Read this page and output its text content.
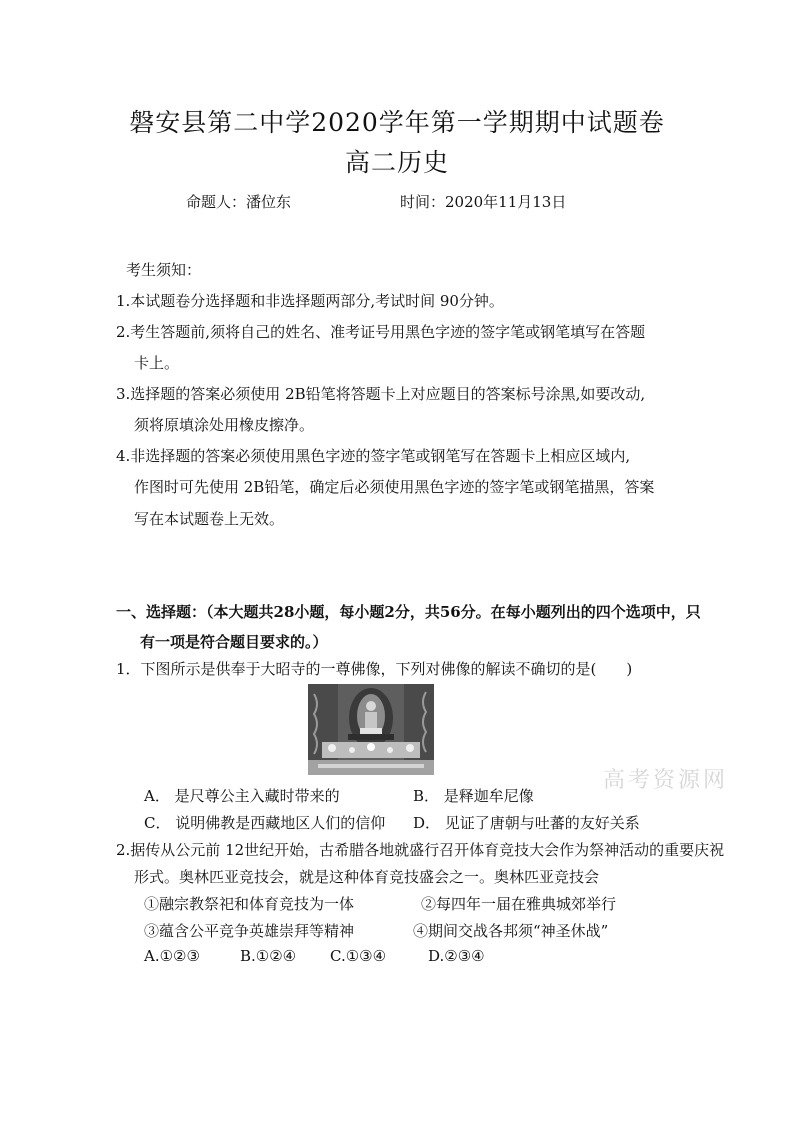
磐安县第二中学2020学年第一学期期中试题卷
高二历史
命题人：潘位东	时间：2020年11月13日
考生须知：
1.本试题卷分选择题和非选择题两部分,考试时间 90分钟。
2.考生答题前,须将自己的姓名、准考证号用黑色字迹的签字笔或钢笔填写在答题
卡上。
3.选择题的答案必须使用 2B铅笔将答题卡上对应题目的答案标号涂黑,如要改动,
须将原填涂处用橡皮擦净。
4.非选择题的答案必须使用黑色字迹的签字笔或钢笔写在答题卡上相应区域内,
作图时可先使用 2B铅笔，确定后必须使用黑色字迹的签字笔或钢笔描黑，答案
写在本试题卷上无效。
一、选择题：（本大题共28小题，每小题2分，共56分。在每小题列出的四个选项中，只
有一项是符合题目要求的。）
1．下图所示是供奉于大昭寺的一尊佛像，下列对佛像的解读不确切的是(　　)
高考资源网
A． 是尺尊公主入藏时带来的	B． 是释迦牟尼像
C． 说明佛教是西藏地区人们的信仰 D． 见证了唐朝与吐蕃的友好关系
2.据传从公元前 12世纪开始，古希腊各地就盛行召开体育竞技大会作为祭神活动的重要庆祝
形式。奥林匹亚竞技会，就是这种体育竞技盛会之一。奥林匹亚竞技会
①融宗教祭祀和体育竞技为一体	②每四年一届在雅典城郊举行
③蕴含公平竞争英雄崇拜等精神	④期间交战各邦须“神圣休战”
A.①②③	B.①②④ C.①③④	D.②③④
